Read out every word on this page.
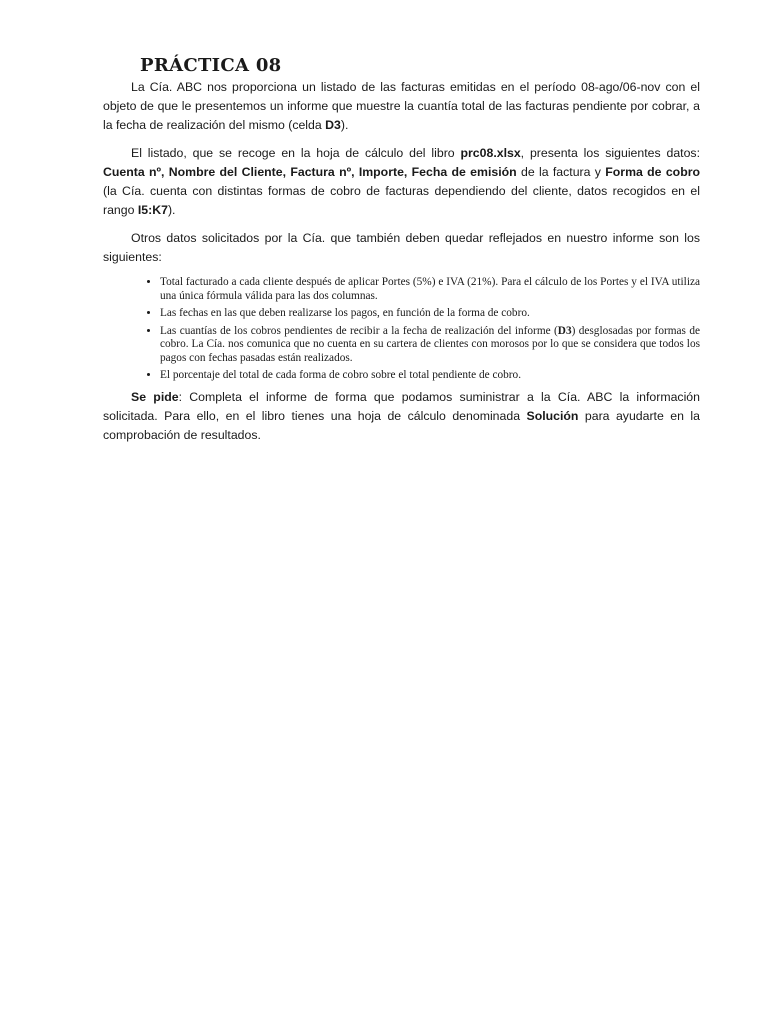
PRÁCTICA 08

La Cía. ABC nos proporciona un listado de las facturas emitidas en el período 08-ago/06-nov con el objeto de que le presentemos un informe que muestre la cuantía total de las facturas pendiente por cobrar, a la fecha de realización del mismo (celda D3).

El listado, que se recoge en la hoja de cálculo del libro prc08.xlsx, presenta los siguientes datos: Cuenta nº, Nombre del Cliente, Factura nº, Importe, Fecha de emisión de la factura y Forma de cobro (la Cía. cuenta con distintas formas de cobro de facturas dependiendo del cliente, datos recogidos en el rango I5:K7).

Otros datos solicitados por la Cía. que también deben quedar reflejados en nuestro informe son los siguientes:

• Total facturado a cada cliente después de aplicar Portes (5%) e IVA (21%). Para el cálculo de los Portes y el IVA utiliza una única fórmula válida para las dos columnas.
• Las fechas en las que deben realizarse los pagos, en función de la forma de cobro.
• Las cuantías de los cobros pendientes de recibir a la fecha de realización del informe (D3) desglosadas por formas de cobro. La Cía. nos comunica que no cuenta en su cartera de clientes con morosos por lo que se considera que todos los pagos con fechas pasadas están realizados.
• El porcentaje del total de cada forma de cobro sobre el total pendiente de cobro.

Se pide: Completa el informe de forma que podamos suministrar a la Cía. ABC la información solicitada. Para ello, en el libro tienes una hoja de cálculo denominada Solución para ayudarte en la comprobación de resultados.
